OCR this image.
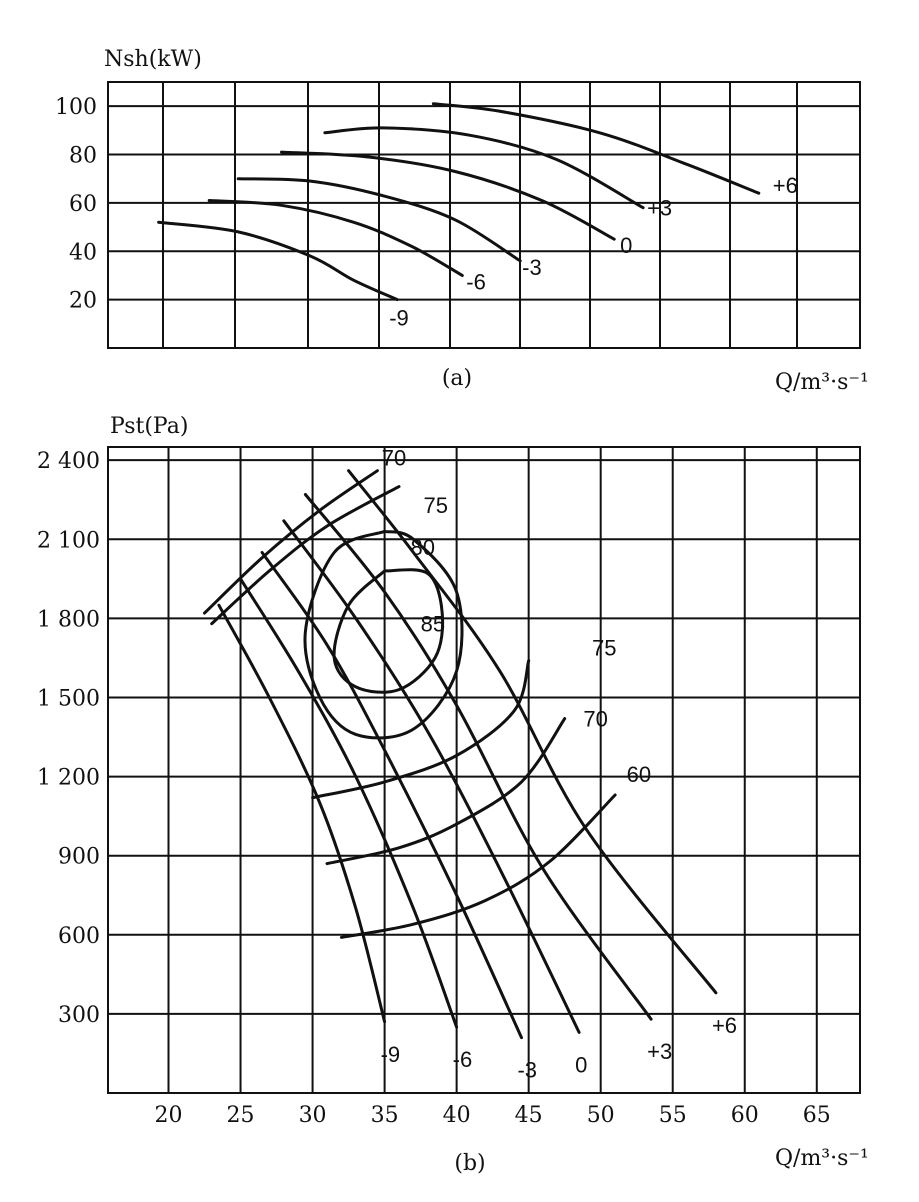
100
80
60
40
20
-9
-6
-3
0
+3
+6
Nsh(kW)
(a)	Q/m³·s⁻¹
2 400
2 100
1 800
1 500
1 200
900
600
300
20 25 30 35 40 45 50 55 60 65
-9 -6 -3 0
+3
+6
70
75
80
85
75
70
60
Pst(Pa)
(b)	Q/m³·s⁻¹
